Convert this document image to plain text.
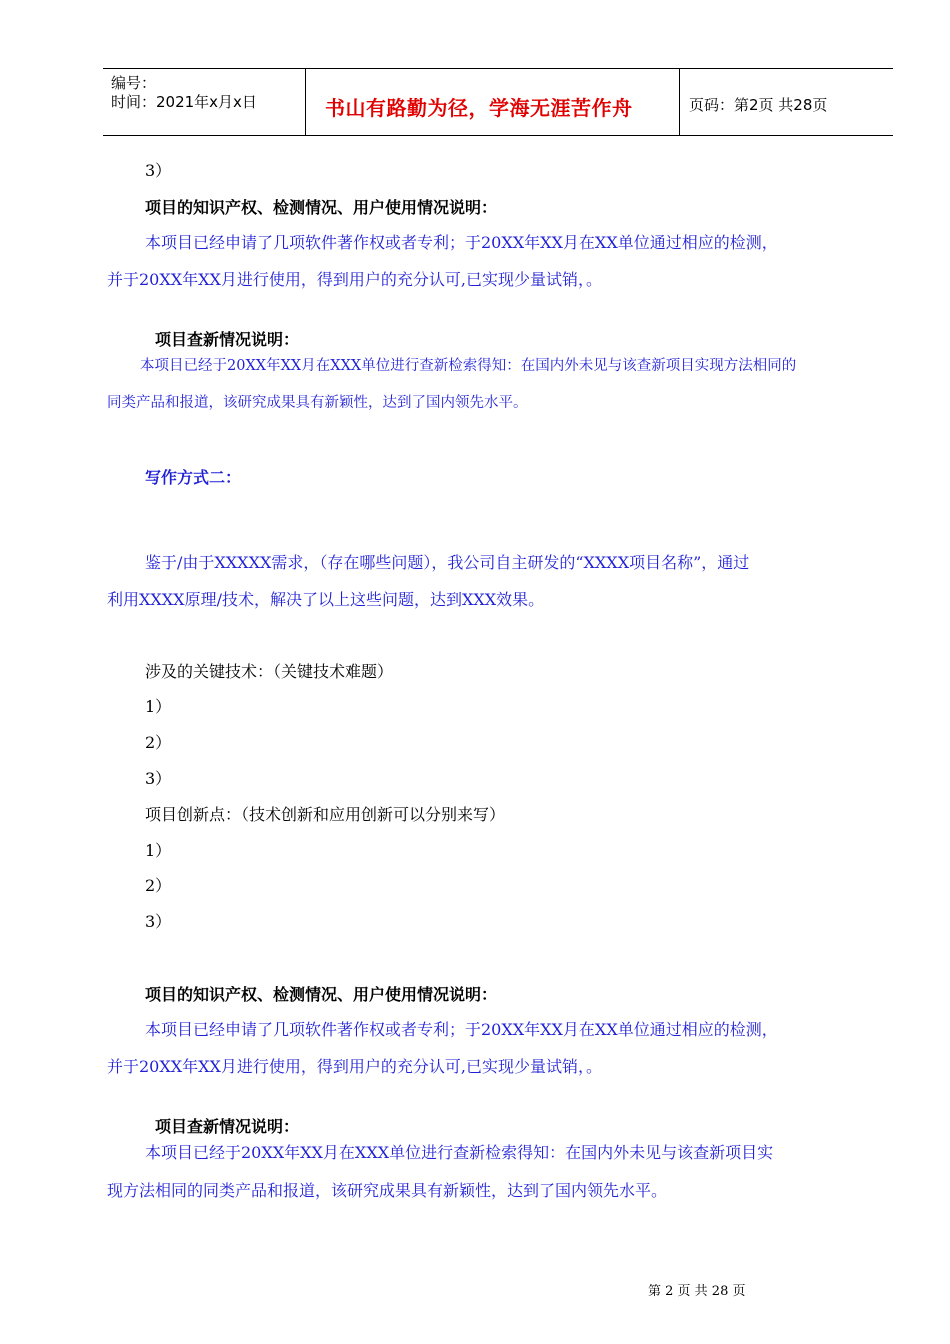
编号：
时间：2021年x月x日	书山有路勤为径，学海无涯苦作舟	页码：第2页 共28页
3）
项目的知识产权、检测情况、用户使用情况说明：
本项目已经申请了几项软件著作权或者专利；于20XX年XX月在XX单位通过相应的检测，
并于20XX年XX月进行使用，得到用户的充分认可,已实现少量试销，。
项目查新情况说明：
本项目已经于20XX年XX月在XXX单位进行查新检索得知：在国内外未见与该查新项目实现方法相同的
同类产品和报道，该研究成果具有新颖性，达到了国内领先水平。
写作方式二：
鉴于/由于XXXXX需求，（存在哪些问题），我公司自主研发的“XXXX项目名称”，通过
利用XXXX原理/技术，解决了以上这些问题，达到XXX效果。
涉及的关键技术：（关键技术难题）
1）
2）
3）
项目创新点：（技术创新和应用创新可以分别来写）
1）
2）
3）
项目的知识产权、检测情况、用户使用情况说明：
本项目已经申请了几项软件著作权或者专利；于20XX年XX月在XX单位通过相应的检测，
并于20XX年XX月进行使用，得到用户的充分认可,已实现少量试销，。
项目查新情况说明：
本项目已经于20XX年XX月在XXX单位进行查新检索得知：在国内外未见与该查新项目实
现方法相同的同类产品和报道，该研究成果具有新颖性，达到了国内领先水平。
第 2 页 共 28 页
